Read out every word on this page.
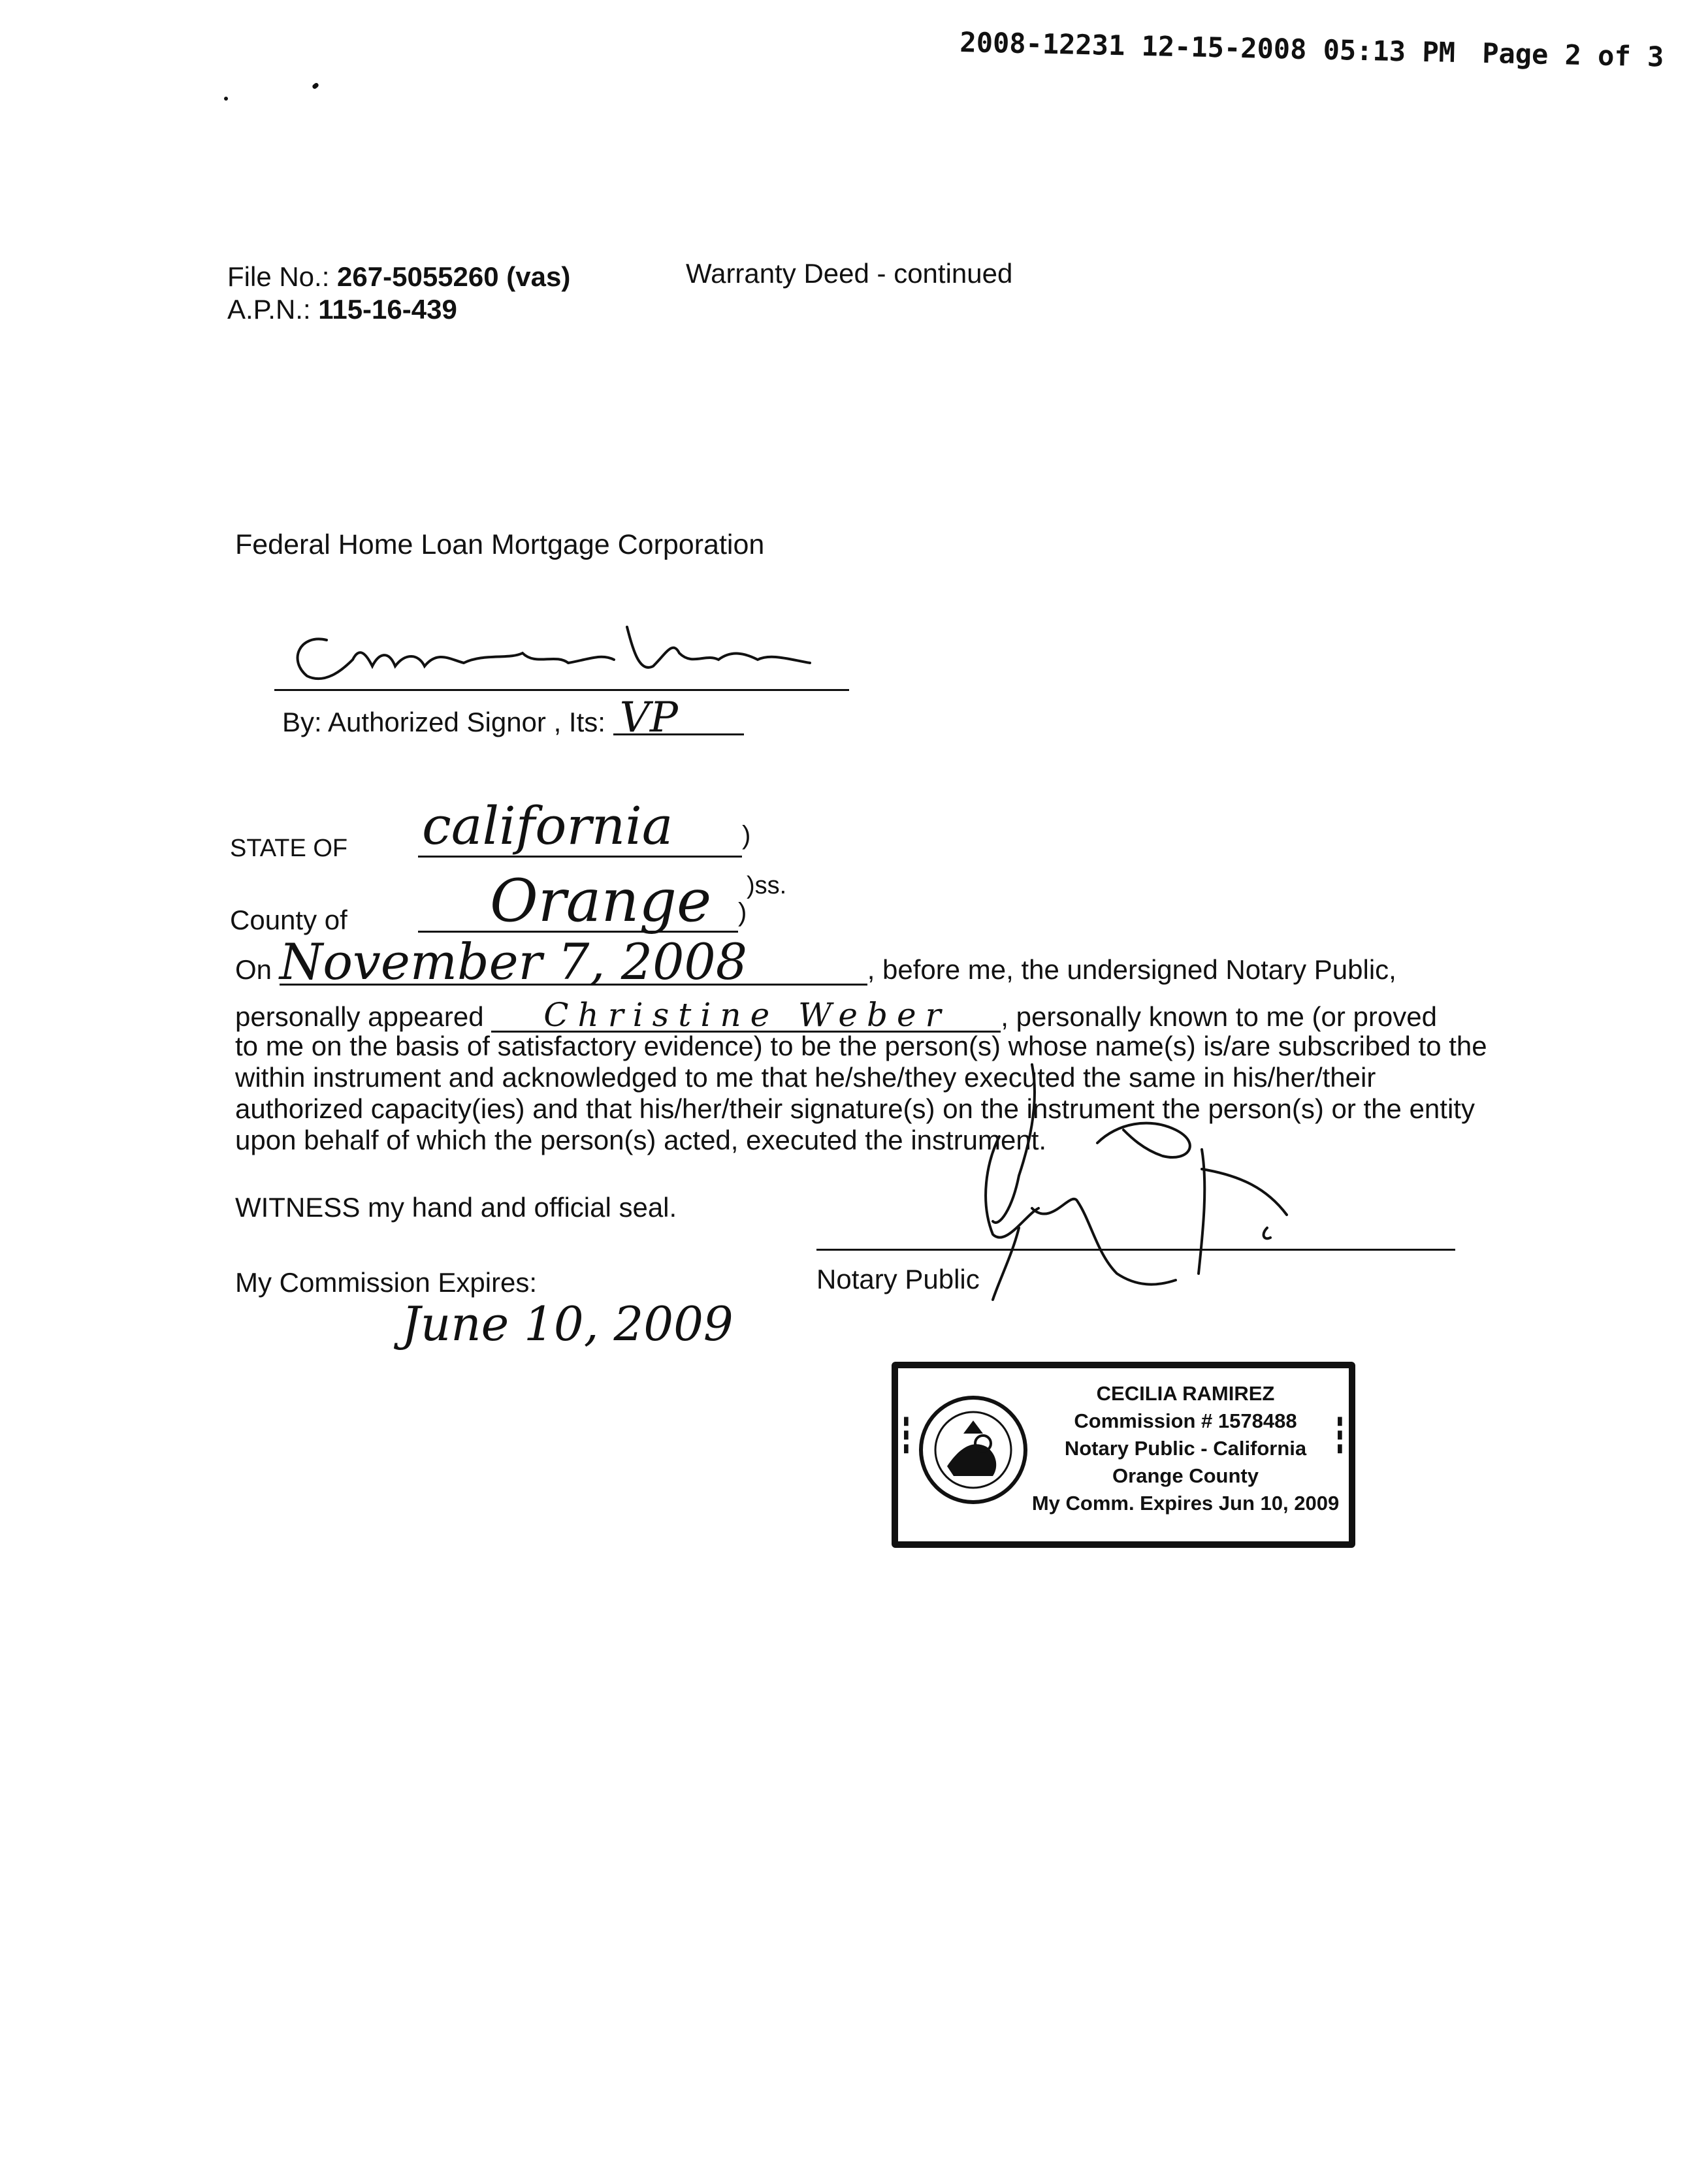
2008-12231 12-15-2008 05:13 PM Page 2 of 3
File No.: 267-5055260 (vas)
A.P.N.: 115-16-439
Warranty Deed - continued
Federal Home Loan Mortgage Corporation
By: Authorized Signor , Its: VP
STATE OF california	)
)ss.
County of	Orange )
On November 7, 2008	, before me, the undersigned Notary Public,
personally appeared Christine Weber , personally known to me (or proved
to me on the basis of satisfactory evidence) to be the person(s) whose name(s) is/are subscribed to the
within instrument and acknowledged to me that he/she/they executed the same in his/her/their
authorized capacity(ies) and that his/her/their signature(s) on the instrument the person(s) or the entity
upon behalf of which the person(s) acted, executed the instrument.
WITNESS my hand and official seal.
My Commission Expires:
June 10, 2009
Notary Public
▮▮▮	▮▮▮
CECILIA RAMIREZ
Commission # 1578488
Notary Public - California
Orange County
My Comm. Expires Jun 10, 2009
